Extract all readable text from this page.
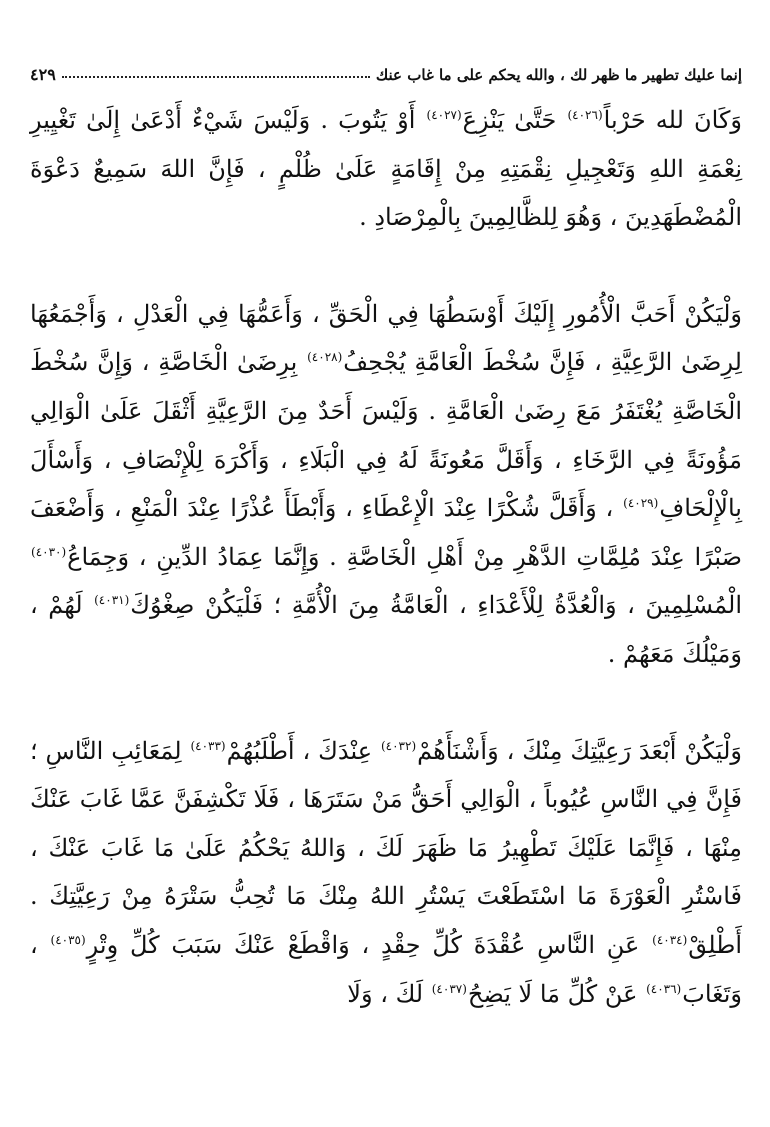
إنما عليك تطهير ما ظهر لك ، والله يحكم على ما غاب عنك
٤٢٩

وَكَانَ لله حَرْباً$^{(٤٠٢٦)}$ حَتَّىٰ يَنْزِعَ$^{(٤٠٢٧)}$ أَوْ يَتُوبَ . وَلَيْسَ شَيْءٌ أَدْعَىٰ إِلَىٰ تَغْيِيرِ نِعْمَةِ اللهِ وَتَعْجِيلِ نِقْمَتِهِ مِنْ إِقَامَةٍ عَلَىٰ ظُلْمٍ ، فَإِنَّ اللهَ سَمِيعٌ دَعْوَةَ الْمُضْطَهَدِينَ ، وَهُوَ لِلظَّالِمِينَ بِالْمِرْصَادِ .

وَلْيَكُنْ أَحَبَّ الْأُمُورِ إِلَيْكَ أَوْسَطُهَا فِي الْحَقِّ ، وَأَعَمُّهَا فِي الْعَدْلِ ، وَأَجْمَعُهَا لِرِضَىٰ الرَّعِيَّةِ ، فَإِنَّ سُخْطَ الْعَامَّةِ يُجْحِفُ$^{(٤٠٢٨)}$ بِرِضَىٰ الْخَاصَّةِ ، وَإِنَّ سُخْطَ الْخَاصَّةِ يُغْتَفَرُ مَعَ رِضَىٰ الْعَامَّةِ . وَلَيْسَ أَحَدٌ مِنَ الرَّعِيَّةِ أَثْقَلَ عَلَىٰ الْوَالِي مَؤُونَةً فِي الرَّخَاءِ ، وَأَقَلَّ مَعُونَةً لَهُ فِي الْبَلَاءِ ، وَأَكْرَهَ لِلْإِنْصَافِ ، وَأَسْأَلَ بِالْإِلْحَافِ$^{(٤٠٢٩)}$ ، وَأَقَلَّ شُكْرًا عِنْدَ الْإِعْطَاءِ ، وَأَبْطَأَ عُذْرًا عِنْدَ الْمَنْعِ ، وَأَضْعَفَ صَبْرًا عِنْدَ مُلِمَّاتِ الدَّهْرِ مِنْ أَهْلِ الْخَاصَّةِ . وَإِنَّمَا عِمَادُ الدِّينِ ، وَجِمَاعُ$^{(٤٠٣٠)}$ الْمُسْلِمِينَ ، وَالْعُدَّةُ لِلْأَعْدَاءِ ، الْعَامَّةُ مِنَ الْأُمَّةِ ؛ فَلْيَكُنْ صِغْوُكَ$^{(٤٠٣١)}$ لَهُمْ ، وَمَيْلُكَ مَعَهُمْ .

وَلْيَكُنْ أَبْعَدَ رَعِيَّتِكَ مِنْكَ ، وَأَشْنَأَهُمْ$^{(٤٠٣٢)}$ عِنْدَكَ ، أَطْلَبُهُمْ$^{(٤٠٣٣)}$ لِمَعَائِبِ النَّاسِ ؛ فَإِنَّ فِي النَّاسِ عُيُوباً ، الْوَالِي أَحَقُّ مَنْ سَتَرَهَا ، فَلَا تَكْشِفَنَّ عَمَّا غَابَ عَنْكَ مِنْهَا ، فَإِنَّمَا عَلَيْكَ تَطْهِيرُ مَا ظَهَرَ لَكَ ، وَاللهُ يَحْكُمُ عَلَىٰ مَا غَابَ عَنْكَ ، فَاسْتُرِ الْعَوْرَةَ مَا اسْتَطَعْتَ يَسْتُرِ اللهُ مِنْكَ مَا تُحِبُّ سَتْرَهُ مِنْ رَعِيَّتِكَ . أَطْلِقْ$^{(٤٠٣٤)}$ عَنِ النَّاسِ عُقْدَةَ كُلِّ حِقْدٍ ، وَاقْطَعْ عَنْكَ سَبَبَ كُلِّ وِتْرٍ$^{(٤٠٣٥)}$ ، وَتَغَابَ$^{(٤٠٣٦)}$ عَنْ كُلِّ مَا لَا يَضِحُ$^{(٤٠٣٧)}$ لَكَ ، وَلَا
